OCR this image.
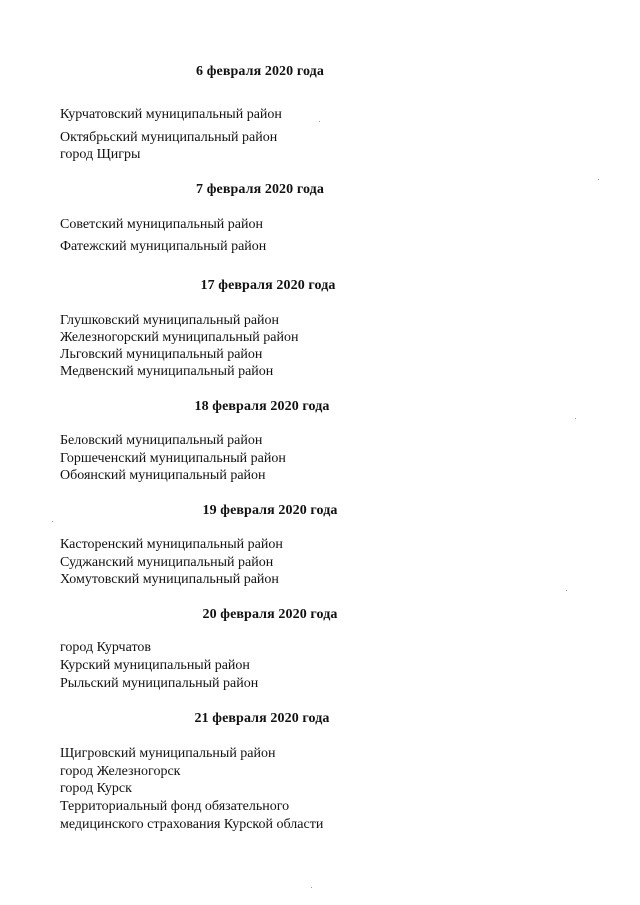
6 февраля 2020 года
Курчатовский муниципальный район
Октябрьский муниципальный район
город Щигры
7 февраля 2020 года
Советский муниципальный район
Фатежский муниципальный район
17 февраля 2020 года
Глушковский муниципальный район
Железногорский муниципальный район
Льговский муниципальный район
Медвенский муниципальный район
18 февраля 2020 года
Беловский муниципальный район
Горшеченский муниципальный район
Обоянский муниципальный район
19 февраля 2020 года
Касторенский муниципальный район
Суджанский муниципальный район
Хомутовский муниципальный район
20 февраля 2020 года
город Курчатов
Курский муниципальный район
Рыльский муниципальный район
21 февраля 2020 года
Щигровский муниципальный район
город Железногорск
город Курск
Территориальный фонд обязательного
медицинского страхования Курской области
